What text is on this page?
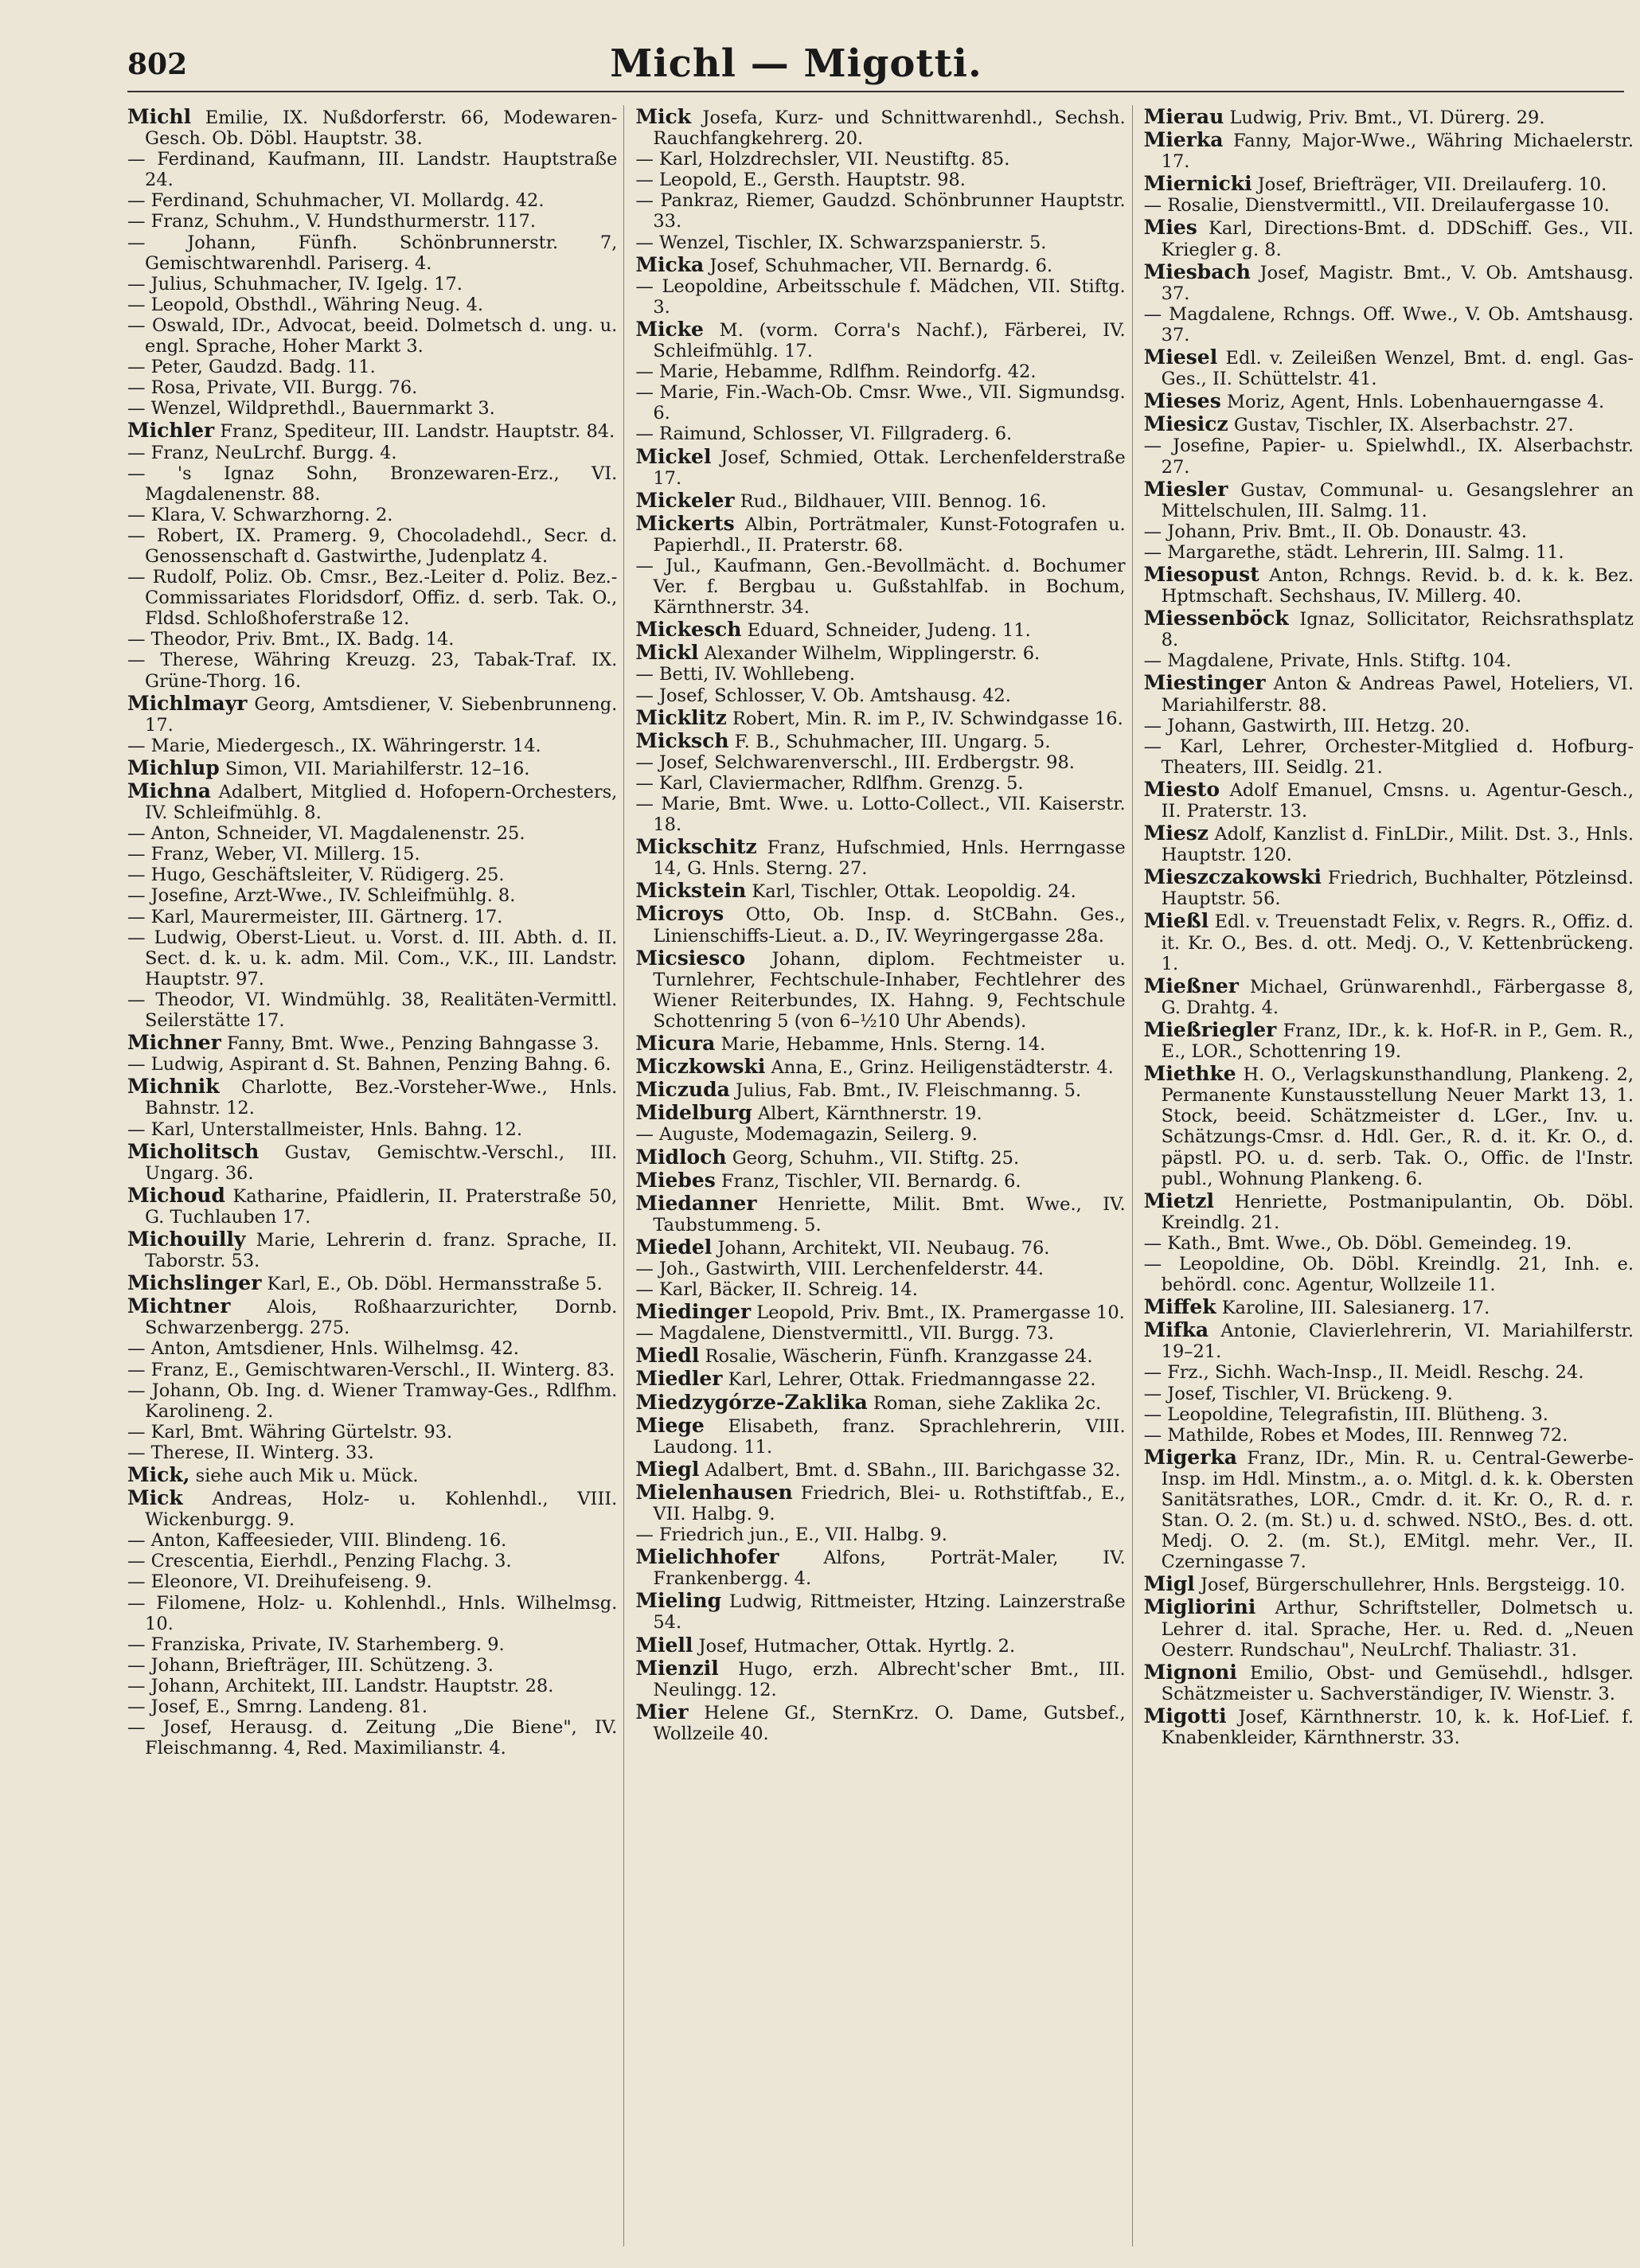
802	Michl — Migotti.

Michl Emilie, IX. Nußdorferstr. 66, Modewaren-Gesch. Ob. Döbl. Hauptstr. 38.

— Ferdinand, Kaufmann, III. Landstr. Hauptstraße 24.

— Ferdinand, Schuhmacher, VI. Mollardg. 42.

— Franz, Schuhm., V. Hundsthurmerstr. 117.

— Johann, Fünfh. Schönbrunnerstr. 7, Gemischtwarenhdl. Pariserg. 4.

— Julius, Schuhmacher, IV. Igelg. 17.

— Leopold, Obsthdl., Währing Neug. 4.

— Oswald, IDr., Advocat, beeid. Dolmetsch d. ung. u. engl. Sprache, Hoher Markt 3.

— Peter, Gaudzd. Badg. 11.

— Rosa, Private, VII. Burgg. 76.

— Wenzel, Wildprethdl., Bauernmarkt 3.

Michler Franz, Spediteur, III. Landstr. Hauptstr. 84.

— Franz, NeuLrchf. Burgg. 4.

— 's Ignaz Sohn, Bronzewaren-Erz., VI. Magdalenenstr. 88.

— Klara, V. Schwarzhorng. 2.

— Robert, IX. Pramerg. 9, Chocoladehdl., Secr. d. Genossenschaft d. Gastwirthe, Judenplatz 4.

— Rudolf, Poliz. Ob. Cmsr., Bez.-Leiter d. Poliz. Bez.-Commissariates Floridsdorf, Offiz. d. serb. Tak. O., Fldsd. Schloßhoferstraße 12.

— Theodor, Priv. Bmt., IX. Badg. 14.

— Therese, Währing Kreuzg. 23, Tabak-Traf. IX. Grüne-Thorg. 16.

Michlmayr Georg, Amtsdiener, V. Siebenbrunneng. 17.

— Marie, Miedergesch., IX. Währingerstr. 14.

Michlup Simon, VII. Mariahilferstr. 12–16.

Michna Adalbert, Mitglied d. Hofopern-Orchesters, IV. Schleifmühlg. 8.

— Anton, Schneider, VI. Magdalenenstr. 25.

— Franz, Weber, VI. Millerg. 15.

— Hugo, Geschäftsleiter, V. Rüdigerg. 25.

— Josefine, Arzt-Wwe., IV. Schleifmühlg. 8.

— Karl, Maurermeister, III. Gärtnerg. 17.

— Ludwig, Oberst-Lieut. u. Vorst. d. III. Abth. d. II. Sect. d. k. u. k. adm. Mil. Com., V.K., III. Landstr. Hauptstr. 97.

— Theodor, VI. Windmühlg. 38, Realitäten-Vermittl. Seilerstätte 17.

Michner Fanny, Bmt. Wwe., Penzing Bahngasse 3.

— Ludwig, Aspirant d. St. Bahnen, Penzing Bahng. 6.

Michnik Charlotte, Bez.-Vorsteher-Wwe., Hnls. Bahnstr. 12.

— Karl, Unterstallmeister, Hnls. Bahng. 12.

Micholitsch Gustav, Gemischtw.-Verschl., III. Ungarg. 36.

Michoud Katharine, Pfaidlerin, II. Praterstraße 50, G. Tuchlauben 17.

Michouilly Marie, Lehrerin d. franz. Sprache, II. Taborstr. 53.

Michslinger Karl, E., Ob. Döbl. Hermansstraße 5.

Michtner Alois, Roßhaarzurichter, Dornb. Schwarzenbergg. 275.

— Anton, Amtsdiener, Hnls. Wilhelmsg. 42.

— Franz, E., Gemischtwaren-Verschl., II. Winterg. 83.

— Johann, Ob. Ing. d. Wiener Tramway-Ges., Rdlfhm. Karolineng. 2.

— Karl, Bmt. Währing Gürtelstr. 93.

— Therese, II. Winterg. 33.

Mick, siehe auch Mik u. Mück.

Mick Andreas, Holz- u. Kohlenhdl., VIII. Wickenburgg. 9.

— Anton, Kaffeesieder, VIII. Blindeng. 16.

— Crescentia, Eierhdl., Penzing Flachg. 3.

— Eleonore, VI. Dreihufeiseng. 9.

— Filomene, Holz- u. Kohlenhdl., Hnls. Wilhelmsg. 10.

— Franziska, Private, IV. Starhemberg. 9.

— Johann, Briefträger, III. Schützeng. 3.

— Johann, Architekt, III. Landstr. Hauptstr. 28.

— Josef, E., Smrng. Landeng. 81.

— Josef, Herausg. d. Zeitung „Die Biene", IV. Fleischmanng. 4, Red. Maximilianstr. 4.

Mick Josefa, Kurz- und Schnittwarenhdl., Sechsh. Rauchfangkehrerg. 20.

— Karl, Holzdrechsler, VII. Neustiftg. 85.

— Leopold, E., Gersth. Hauptstr. 98.

— Pankraz, Riemer, Gaudzd. Schönbrunner Hauptstr. 33.

— Wenzel, Tischler, IX. Schwarzspanierstr. 5.

Micka Josef, Schuhmacher, VII. Bernardg. 6.

— Leopoldine, Arbeitsschule f. Mädchen, VII. Stiftg. 3.

Micke M. (vorm. Corra's Nachf.), Färberei, IV. Schleifmühlg. 17.

— Marie, Hebamme, Rdlfhm. Reindorfg. 42.

— Marie, Fin.-Wach-Ob. Cmsr. Wwe., VII. Sigmundsg. 6.

— Raimund, Schlosser, VI. Fillgraderg. 6.

Mickel Josef, Schmied, Ottak. Lerchenfelderstraße 17.

Mickeler Rud., Bildhauer, VIII. Bennog. 16.

Mickerts Albin, Porträtmaler, Kunst-Fotografen u. Papierhdl., II. Praterstr. 68.

— Jul., Kaufmann, Gen.-Bevollmächt. d. Bochumer Ver. f. Bergbau u. Gußstahlfab. in Bochum, Kärnthnerstr. 34.

Mickesch Eduard, Schneider, Judeng. 11.

Mickl Alexander Wilhelm, Wipplingerstr. 6.

— Betti, IV. Wohllebeng.

— Josef, Schlosser, V. Ob. Amtshausg. 42.

Micklitz Robert, Min. R. im P., IV. Schwindgasse 16.

Micksch F. B., Schuhmacher, III. Ungarg. 5.

— Josef, Selchwarenverschl., III. Erdbergstr. 98.

— Karl, Claviermacher, Rdlfhm. Grenzg. 5.

— Marie, Bmt. Wwe. u. Lotto-Collect., VII. Kaiserstr. 18.

Mickschitz Franz, Hufschmied, Hnls. Herrngasse 14, G. Hnls. Sterng. 27.

Mickstein Karl, Tischler, Ottak. Leopoldig. 24.

Microys Otto, Ob. Insp. d. StCBahn. Ges., Linienschiffs-Lieut. a. D., IV. Weyringergasse 28a.

Micsiesco Johann, diplom. Fechtmeister u. Turnlehrer, Fechtschule-Inhaber, Fechtlehrer des Wiener Reiterbundes, IX. Hahng. 9, Fechtschule Schottenring 5 (von 6–½10 Uhr Abends).

Micura Marie, Hebamme, Hnls. Sterng. 14.

Miczkowski Anna, E., Grinz. Heiligenstädterstr. 4.

Miczuda Julius, Fab. Bmt., IV. Fleischmanng. 5.

Midelburg Albert, Kärnthnerstr. 19.

— Auguste, Modemagazin, Seilerg. 9.

Midloch Georg, Schuhm., VII. Stiftg. 25.

Miebes Franz, Tischler, VII. Bernardg. 6.

Miedanner Henriette, Milit. Bmt. Wwe., IV. Taubstummeng. 5.

Miedel Johann, Architekt, VII. Neubaug. 76.

— Joh., Gastwirth, VIII. Lerchenfelderstr. 44.

— Karl, Bäcker, II. Schreig. 14.

Miedinger Leopold, Priv. Bmt., IX. Pramergasse 10.

— Magdalene, Dienstvermittl., VII. Burgg. 73.

Miedl Rosalie, Wäscherin, Fünfh. Kranzgasse 24.

Miedler Karl, Lehrer, Ottak. Friedmanngasse 22.

Miedzygórze-Zaklika Roman, siehe Zaklika 2c.

Miege Elisabeth, franz. Sprachlehrerin, VIII. Laudong. 11.

Miegl Adalbert, Bmt. d. SBahn., III. Barichgasse 32.

Mielenhausen Friedrich, Blei- u. Rothstiftfab., E., VII. Halbg. 9.

— Friedrich jun., E., VII. Halbg. 9.

Mielichhofer Alfons, Porträt-Maler, IV. Frankenbergg. 4.

Mieling Ludwig, Rittmeister, Htzing. Lainzerstraße 54.

Miell Josef, Hutmacher, Ottak. Hyrtlg. 2.

Mienzil Hugo, erzh. Albrecht'scher Bmt., III. Neulingg. 12.

Mier Helene Gf., SternKrz. O. Dame, Gutsbef., Wollzeile 40.

Mierau Ludwig, Priv. Bmt., VI. Dürerg. 29.

Mierka Fanny, Major-Wwe., Währing Michaelerstr. 17.

Miernicki Josef, Briefträger, VII. Dreilauferg. 10.

— Rosalie, Dienstvermittl., VII. Dreilaufergasse 10.

Mies Karl, Directions-Bmt. d. DDSchiff. Ges., VII. Kriegler g. 8.

Miesbach Josef, Magistr. Bmt., V. Ob. Amtshausg. 37.

— Magdalene, Rchngs. Off. Wwe., V. Ob. Amtshausg. 37.

Miesel Edl. v. Zeileißen Wenzel, Bmt. d. engl. Gas-Ges., II. Schüttelstr. 41.

Mieses Moriz, Agent, Hnls. Lobenhauerngasse 4.

Miesicz Gustav, Tischler, IX. Alserbachstr. 27.

— Josefine, Papier- u. Spielwhdl., IX. Alserbachstr. 27.

Miesler Gustav, Communal- u. Gesangslehrer an Mittelschulen, III. Salmg. 11.

— Johann, Priv. Bmt., II. Ob. Donaustr. 43.

— Margarethe, städt. Lehrerin, III. Salmg. 11.

Miesopust Anton, Rchngs. Revid. b. d. k. k. Bez. Hptmschaft. Sechshaus, IV. Millerg. 40.

Miessenböck Ignaz, Sollicitator, Reichsrathsplatz 8.

— Magdalene, Private, Hnls. Stiftg. 104.

Miestinger Anton & Andreas Pawel, Hoteliers, VI. Mariahilferstr. 88.

— Johann, Gastwirth, III. Hetzg. 20.

— Karl, Lehrer, Orchester-Mitglied d. Hofburg-Theaters, III. Seidlg. 21.

Miesto Adolf Emanuel, Cmsns. u. Agentur-Gesch., II. Praterstr. 13.

Miesz Adolf, Kanzlist d. FinLDir., Milit. Dst. 3., Hnls. Hauptstr. 120.

Mieszczakowski Friedrich, Buchhalter, Pötzleinsd. Hauptstr. 56.

Mießl Edl. v. Treuenstadt Felix, v. Regrs. R., Offiz. d. it. Kr. O., Bes. d. ott. Medj. O., V. Kettenbrückeng. 1.

Mießner Michael, Grünwarenhdl., Färbergasse 8, G. Drahtg. 4.

Mießriegler Franz, IDr., k. k. Hof-R. in P., Gem. R., E., LOR., Schottenring 19.

Miethke H. O., Verlagskunsthandlung, Plankeng. 2, Permanente Kunstausstellung Neuer Markt 13, 1. Stock, beeid. Schätzmeister d. LGer., Inv. u. Schätzungs-Cmsr. d. Hdl. Ger., R. d. it. Kr. O., d. päpstl. PO. u. d. serb. Tak. O., Offic. de l'Instr. publ., Wohnung Plankeng. 6.

Mietzl Henriette, Postmanipulantin, Ob. Döbl. Kreindlg. 21.

— Kath., Bmt. Wwe., Ob. Döbl. Gemeindeg. 19.

— Leopoldine, Ob. Döbl. Kreindlg. 21, Inh. e. behördl. conc. Agentur, Wollzeile 11.

Miffek Karoline, III. Salesianerg. 17.

Mifka Antonie, Clavierlehrerin, VI. Mariahilferstr. 19–21.

— Frz., Sichh. Wach-Insp., II. Meidl. Reschg. 24.

— Josef, Tischler, VI. Brückeng. 9.

— Leopoldine, Telegrafistin, III. Blütheng. 3.

— Mathilde, Robes et Modes, III. Rennweg 72.

Migerka Franz, IDr., Min. R. u. Central-Gewerbe-Insp. im Hdl. Minstm., a. o. Mitgl. d. k. k. Obersten Sanitätsrathes, LOR., Cmdr. d. it. Kr. O., R. d. r. Stan. O. 2. (m. St.) u. d. schwed. NStO., Bes. d. ott. Medj. O. 2. (m. St.), EMitgl. mehr. Ver., II. Czerningasse 7.

Migl Josef, Bürgerschullehrer, Hnls. Bergsteigg. 10.

Migliorini Arthur, Schriftsteller, Dolmetsch u. Lehrer d. ital. Sprache, Her. u. Red. d. „Neuen Oesterr. Rundschau", NeuLrchf. Thaliastr. 31.

Mignoni Emilio, Obst- und Gemüsehdl., hdlsger. Schätzmeister u. Sachverständiger, IV. Wienstr. 3.

Migotti Josef, Kärnthnerstr. 10, k. k. Hof-Lief. f. Knabenkleider, Kärnthnerstr. 33.
